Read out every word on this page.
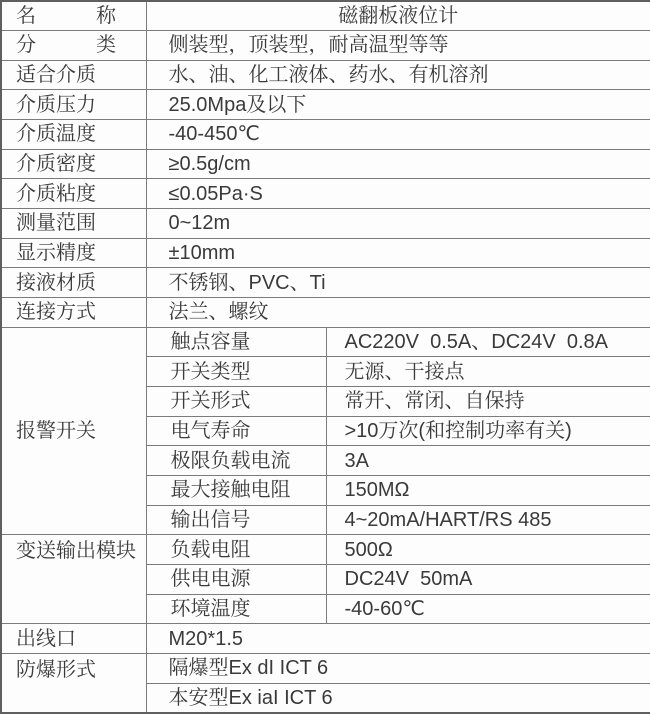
名　　　称	磁翻板液位计	
分　　　类	侧装型，顶装型，耐高温型等等	
适合介质	水、油、化工液体、药水、有机溶剂	
介质压力	25.0Mpa及以下	
介质温度	-40-450℃	
介质密度	≥0.5g/cm	
介质粘度	≤0.05Pa·S	
测量范围	0~12m	
显示精度	±10mm	
接液材质	不锈钢、PVC、Ti	
连接方式	法兰、螺纹	
报警开关	触点容量	AC220V  0.5A、DC24V  0.8A
	开关类型	无源、干接点
	开关形式	常开、常闭、自保持
	电气寿命	>10万次(和控制功率有关)
	极限负载电流	3A
	最大接触电阻	150MΩ
	输出信号	4~20mA/HART/RS 485
变送输出模块	负载电阻	500Ω
	供电电源	DC24V  50mA
	环境温度	-40-60℃
出线口	M20*1.5	
防爆形式	隔爆型Ex dI ICT 6	
	本安型Ex iaI ICT 6	
